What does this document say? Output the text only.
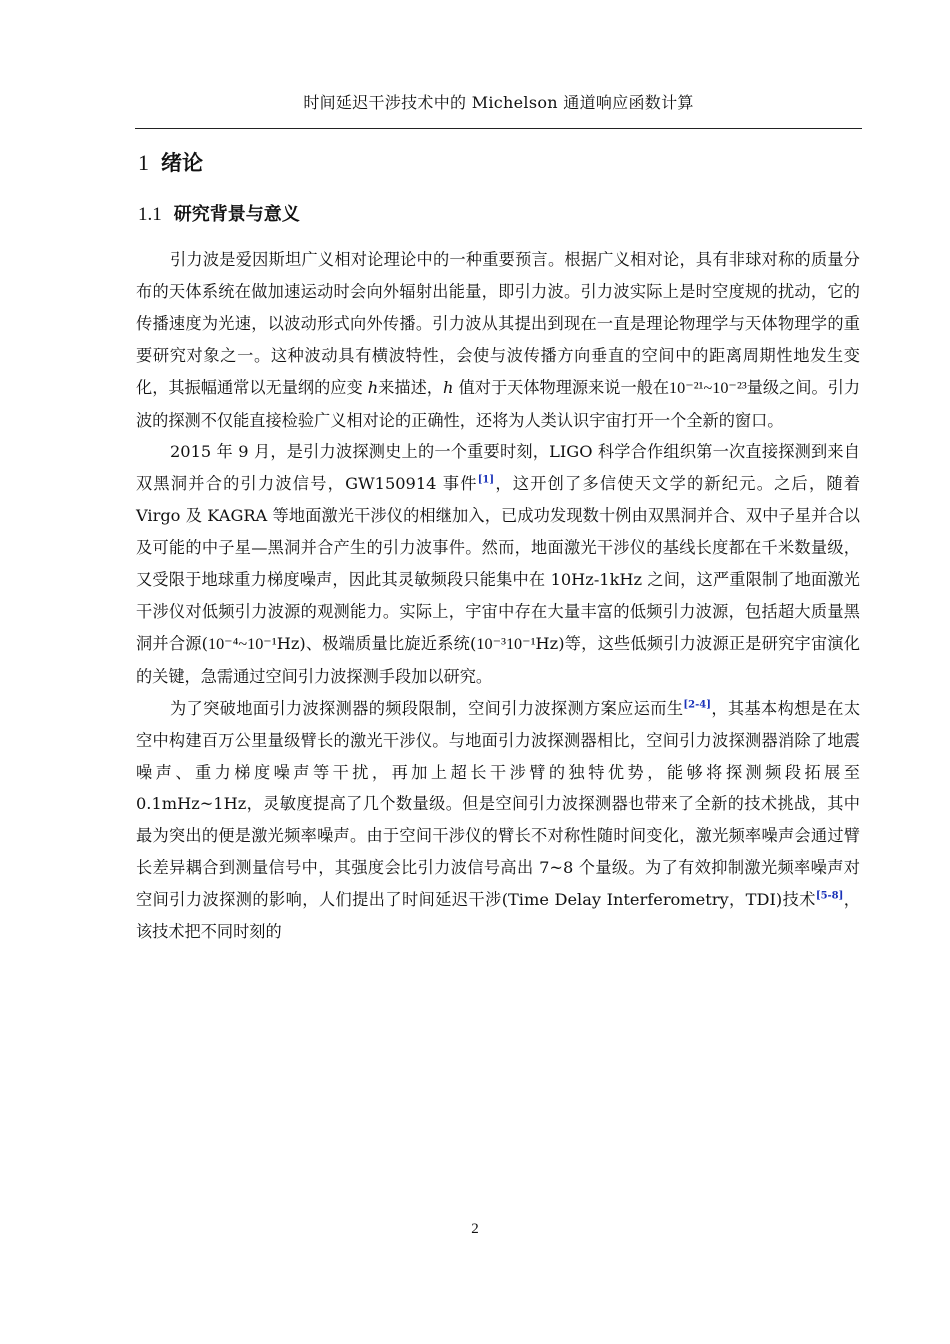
时间延迟干涉技术中的 Michelson 通道响应函数计算
1 绪论
1.1 研究背景与意义

引力波是爱因斯坦广义相对论理论中的一种重要预言。根据广义相对论，具有非球对称的质量分布的天体系统在做加速运动时会向外辐射出能量，即引力波。引力波实际上是时空度规的扰动，它的传播速度为光速，以波动形式向外传播。引力波从其提出到现在一直是理论物理学与天体物理学的重要研究对象之一。这种波动具有横波特性，会使与波传播方向垂直的空间中的距离周期性地发生变化，其振幅通常以无量纲的应变 h来描述，h 值对于天体物理源来说一般在10⁻²¹~10⁻²³量级之间。引力波的探测不仅能直接检验广义相对论的正确性，还将为人类认识宇宙打开一个全新的窗口。

2015 年 9 月，是引力波探测史上的一个重要时刻，LIGO 科学合作组织第一次直接探测到来自双黑洞并合的引力波信号，GW150914 事件[1]，这开创了多信使天文学的新纪元。之后，随着 Virgo 及 KAGRA 等地面激光干涉仪的相继加入，已成功发现数十例由双黑洞并合、双中子星并合以及可能的中子星—黑洞并合产生的引力波事件。然而，地面激光干涉仪的基线长度都在千米数量级，又受限于地球重力梯度噪声，因此其灵敏频段只能集中在 10Hz-1kHz 之间，这严重限制了地面激光干涉仪对低频引力波源的观测能力。实际上，宇宙中存在大量丰富的低频引力波源，包括超大质量黑洞并合源(10⁻⁴~10⁻¹Hz)、极端质量比旋近系统(10⁻³10⁻¹Hz)等，这些低频引力波源正是研究宇宙演化的关键，急需通过空间引力波探测手段加以研究。

为了突破地面引力波探测器的频段限制，空间引力波探测方案应运而生[2-4]，其基本构想是在太空中构建百万公里量级臂长的激光干涉仪。与地面引力波探测器相比，空间引力波探测器消除了地震噪声、重力梯度噪声等干扰，再加上超长干涉臂的独特优势，能够将探测频段拓展至 0.1mHz~1Hz，灵敏度提高了几个数量级。但是空间引力波探测器也带来了全新的技术挑战，其中最为突出的便是激光频率噪声。由于空间干涉仪的臂长不对称性随时间变化，激光频率噪声会通过臂长差异耦合到测量信号中，其强度会比引力波信号高出 7~8 个量级。为了有效抑制激光频率噪声对空间引力波探测的影响，人们提出了时间延迟干涉(Time Delay Interferometry，TDI)技术[5-8]，该技术把不同时刻的

2
